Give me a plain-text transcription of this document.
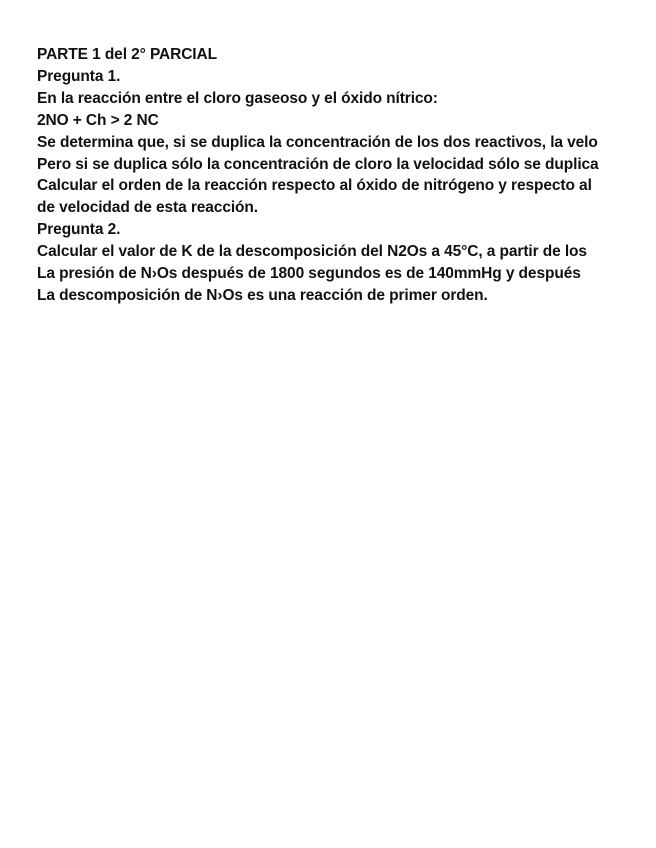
PARTE 1 del 2° PARCIAL
Pregunta 1.
En la reacción entre el cloro gaseoso y el óxido nítrico:
2NO + Ch > 2 NC
Se determina que, si se duplica la concentración de los dos reactivos, la velo
Pero si se duplica sólo la concentración de cloro la velocidad sólo se duplica
Calcular el orden de la reacción respecto al óxido de nitrógeno y respecto al
de velocidad de esta reacción.
Pregunta 2.
Calcular el valor de K de la descomposición del N2Os a 45°C, a partir de los
La presión de N›Os después de 1800 segundos es de 140mmHg y después
La descomposición de N›Os es una reacción de primer orden.
